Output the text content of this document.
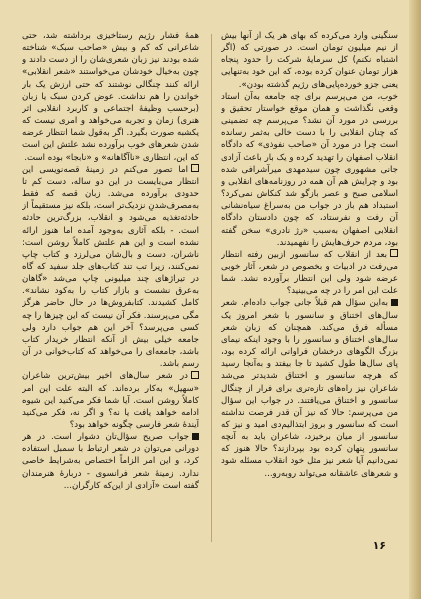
سنگینی وارد می‌کرده که بهای هر یک از آنها بیش از نیم میلیون تومان است. در صورتی که (اگر اشتباه نکنم) کل سرمایهٔ شرکت را حدود پنجاه هزار تومان عنوان کرده بوده، که این خود به‌تنهایی یعنی جزو خورده‌پایی‌های رژیم گذشته بودن».

خوب، من می‌پرسم برای چه جامعه به‌آن استاد وقعی نگذاشت و همان موقع خواستار تحقیق و بررسی در مورد آن نشد؟ می‌پرسم چه تضمینی که چنان انقلابی را با دست خالی به‌ثمر رسانده است چرا در مورد آن «صاحب نفوذی» که دادگاه انقلاب اصفهان را تهدید کرده و یک بار باعث آزادی جانی مشهوری چون سیدمهدی میرآشرافی شده بود و چرایش هم آن همه در روزنامه‌های انقلابی و اسلامی صبح و عصر بازگو شد کنکاش نمی‌کرد؟ استبداد هم باز در جواب من به‌سراغ سیاه‌نشانی آن رفت و نفرستاد، که چون دادستان دادگاه انقلابی اصفهان به‌سبب «رژ نادری» سخن گفته بود، مردم حرف‌هایش را نفهمیدند.

بعد از انقلاب که سانسور ازبین رفته انتظار می‌رفت در ادبیات و بخصوص در شعر، آثار خوبی عرضه شود ولی این انتظار برآورده نشد. شما علت این امر را در چه می‌بینید؟

به‌این سؤال هم قبلاً جانی جواب داده‌ام. شعر سال‌های اختناق و سانسور با شعر امروز یک مسأله فرق می‌کند. همچنان که زبان شعر سال‌های اختناق و سانسور را با وجود اینکه نیمای بزرگ الگوهای درخشان فراوانی ارائه کرده بود، پای سال‌ها طول کشید تا جا بیفتد و به‌آنجا رسید که هرچه سانسور و اختناق شدیدتر می‌شد شاعران نیز راه‌های تازه‌تری برای فرار از چنگال سانسور و اختناق می‌یافتند. در جواب این سؤال من می‌پرسم: حالا که نیز آن قدر فرصت نداشته است که سانسور و بروز ابتذالیم‌دی امید و نیز که سانسور از میان برخیزد، شاعران باید به آنچه سانسور پنهان کرده بود بپردازند؟ حالا هنوز که نمی‌دانیم آیا شعر نیز مثل خود انقلاب مسئله شود و شعرهای عاشقانه می‌تواند روبه‌رو...

همهٔ فشار رژیم رستاخیزی برداشته شد، حتی شاعرانی که کم و بیش «صاحب سبک» شناخته شده بودند نیز زبان شعری‌شان را از دست دادند و چون به‌خیال خودشان می‌خواستند «شعر انقلابی» ارائه کنند چنگالی نوشتند که حتی ارزش یک بار خواندن را هم نداشت. عوض کردن سبک یا زبان (برحسب وظیفهٔ اجتماعی و کاربرد انقلابی اثر هنری) زمان و تجربه می‌خواهد و امری نیست که یکشبه صورت بگیرد. اگر به‌قول شما انتظار عرضه شدن شعرهای خوب برآورده نشد علتش این است که این، انتظاری «ناآگاهانه» و «نابجا» بوده است.

اما تصور می‌کنم در زمینهٔ قصه‌نویسی این انتظار می‌بایست در این دو ساله، دست کم تا حدودی برآورده می‌شد. زبان قصه که فقط به‌مصرف‌شدنِ نزدیک‌تر است، بلکه نیز مستقیماً از حادثه‌تغذیه می‌شود و انقلاب، بزرگ‌ترین حادثه است. - بلکه آثاری به‌وجود آمده اما هنوز ارائه نشده است و این هم علتش کاملاً روشن است: ناشران، دست و بال‌شان می‌لرزد و کتاب چاپ نمی‌کنند، زیرا تب تند کتاب‌های جلد سفید که گاه در تیراژهای چند میلیونی چاپ می‌شد «گاهان به‌عرق نشست و بازار کتاب را به‌کود نشاند». کامل کشیدند. کتابفروش‌ها در حال حاضر هرگز مگی می‌پرسند. فکر آن نیست که این چیزها را چه کسی می‌پرسد؟ آخر این هم جواب دارد ولی جامعه خیلی بیش از آنکه انتظار خریدار کتاب باشد، جامعه‌ای را می‌خواهد که کتاب‌خوانی در آن رسم باشد.

در شعر سال‌های اخیر بیش‌ترین شاعران «سهیل» به‌کار برده‌اند. که البته علت این امر کاملاً روشن است. آیا شما فکر می‌کنید این شیوه ادامه خواهد یافت یا نه؟ و اگر نه، فکر می‌کنید آیندهٔ شعر فارسی چگونه خواهد بود؟

جواب صریح سؤال‌تان دشوار است. در هر دورانی می‌توان در شعر ارتباط با سمبل استفاده کرد، و این امر الزاماً اختصاص به‌شرایط خاصی ندارد. زمینهٔ شعر فرانسوی - دربارهٔ هنرمندان گفته است «آزادی از این‌که کارگران...

۱۶
